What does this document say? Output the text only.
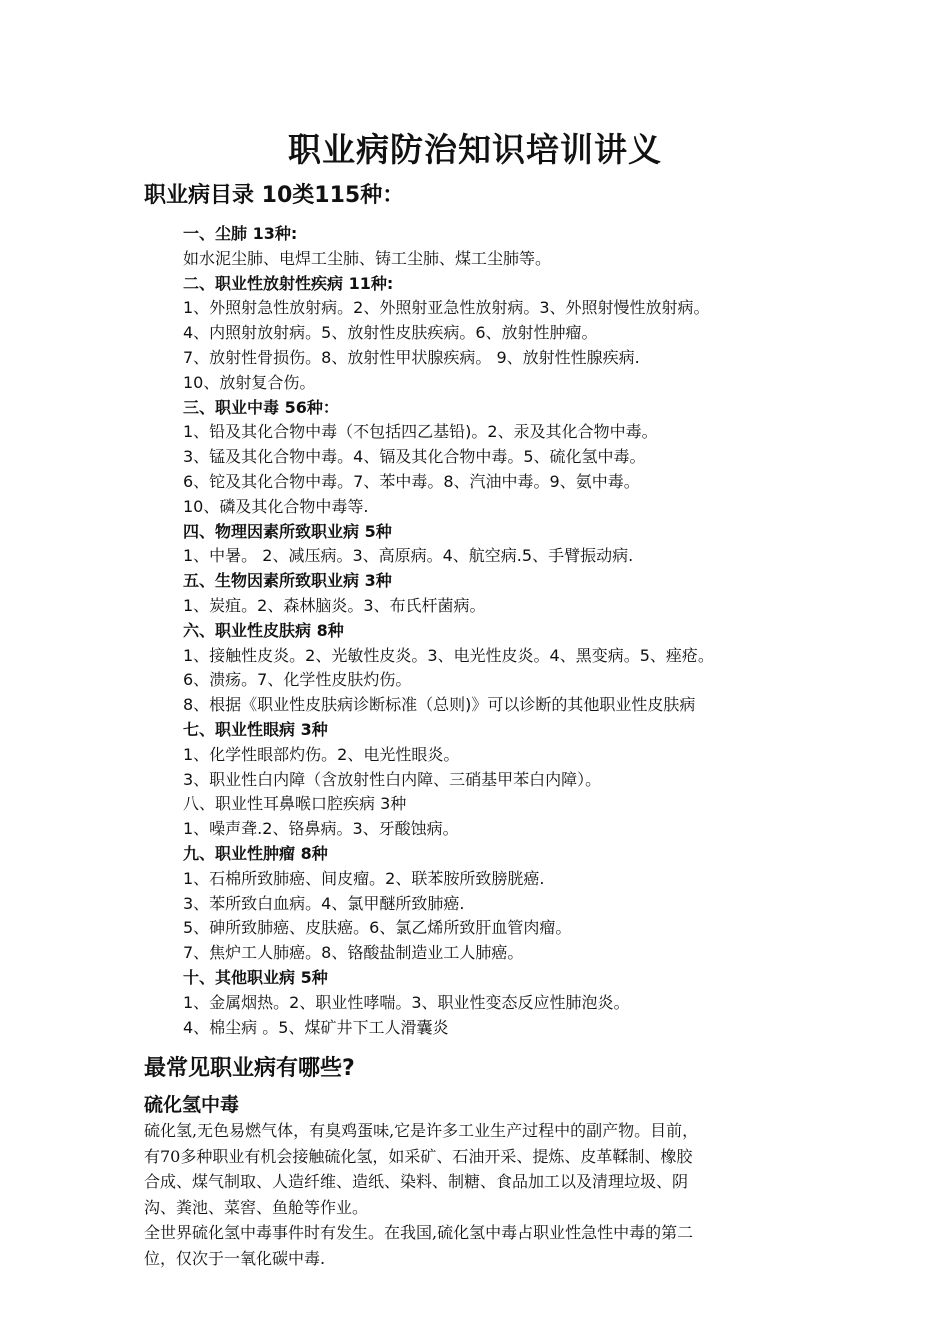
职业病防治知识培训讲义
职业病目录 10类115种：
一、尘肺 13种:
如水泥尘肺、电焊工尘肺、铸工尘肺、煤工尘肺等。
二、职业性放射性疾病 11种:
1、外照射急性放射病。2、外照射亚急性放射病。3、外照射慢性放射病。
4、内照射放射病。5、放射性皮肤疾病。6、放射性肿瘤。
7、放射性骨损伤。8、放射性甲状腺疾病。 9、放射性性腺疾病.
10、放射复合伤。
三、职业中毒 56种：
1、铅及其化合物中毒（不包括四乙基铅)。2、汞及其化合物中毒。
3、锰及其化合物中毒。4、镉及其化合物中毒。5、硫化氢中毒。
6、铊及其化合物中毒。7、苯中毒。8、汽油中毒。9、氨中毒。
10、磷及其化合物中毒等.
四、物理因素所致职业病 5种
1、中暑。 2、减压病。3、高原病。4、航空病.5、手臂振动病.
五、生物因素所致职业病 3种
1、炭疽。2、森林脑炎。3、布氏杆菌病。
六、职业性皮肤病 8种
1、接触性皮炎。2、光敏性皮炎。3、电光性皮炎。4、黑变病。5、痤疮。
6、溃疡。7、化学性皮肤灼伤。
8、根据《职业性皮肤病诊断标准（总则)》可以诊断的其他职业性皮肤病
七、职业性眼病 3种
1、化学性眼部灼伤。2、电光性眼炎。
3、职业性白内障（含放射性白内障、三硝基甲苯白内障）。
八、职业性耳鼻喉口腔疾病 3种
1、噪声聋.2、铬鼻病。3、牙酸蚀病。
九、职业性肿瘤 8种
1、石棉所致肺癌、间皮瘤。2、联苯胺所致膀胱癌.
3、苯所致白血病。4、氯甲醚所致肺癌.
5、砷所致肺癌、皮肤癌。6、氯乙烯所致肝血管肉瘤。
7、焦炉工人肺癌。8、铬酸盐制造业工人肺癌。
十、其他职业病 5种
1、金属烟热。2、职业性哮喘。3、职业性变态反应性肺泡炎。
4、棉尘病 。5、煤矿井下工人滑囊炎
最常见职业病有哪些?
硫化氢中毒
硫化氢,无色易燃气体，有臭鸡蛋味,它是许多工业生产过程中的副产物。目前，
有70多种职业有机会接触硫化氢，如采矿、石油开采、提炼、皮革鞣制、橡胶
合成、煤气制取、人造纤维、造纸、染料、制糖、食品加工以及清理垃圾、阴
沟、粪池、菜窖、鱼舱等作业。
全世界硫化氢中毒事件时有发生。在我国,硫化氢中毒占职业性急性中毒的第二
位，仅次于一氧化碳中毒.
